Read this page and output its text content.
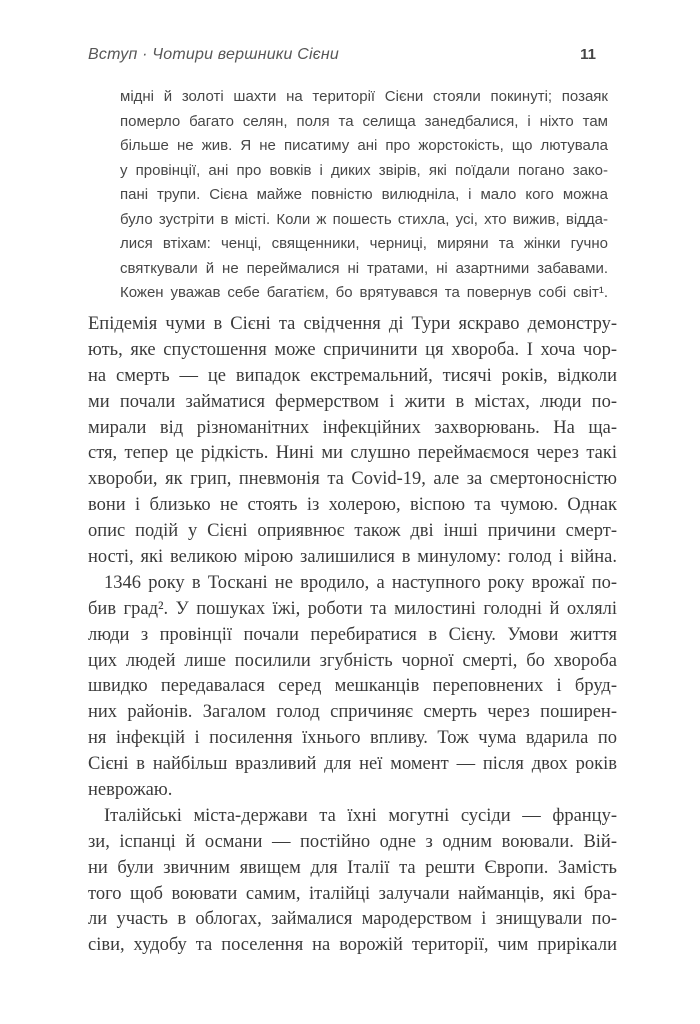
Вступ · Чотири вершники Сієни	11
мідні й золоті шахти на території Сієни стояли покинуті; позаяк
померло багато селян, поля та селища занедбалися, і ніхто там
більше не жив. Я не писатиму ані про жорстокість, що лютувала
у провінції, ані про вовків і диких звірів, які поїдали погано зако-
пані трупи. Сієна майже повністю вилюдніла, і мало кого можна
було зустріти в місті. Коли ж пошесть стихла, усі, хто вижив, відда-
лися втіхам: ченці, священники, черниці, миряни та жінки гучно
святкували й не переймалися ні тратами, ні азартними забавами.
Кожен уважав себе багатієм, бо врятувався та повернув собі світ¹.
Епідемія чуми в Сієні та свідчення ді Тури яскраво демонстру-
ють, яке спустошення може спричинити ця хвороба. І хоча чор-
на смерть — це випадок екстремальний, тисячі років, відколи
ми почали займатися фермерством і жити в містах, люди по-
мирали від різноманітних інфекційних захворювань. На ща-
стя, тепер це рідкість. Нині ми слушно переймаємося через такі
хвороби, як грип, пневмонія та Covid-19, але за смертоносністю
вони і близько не стоять із холерою, віспою та чумою. Однак
опис подій у Сієні оприявнює також дві інші причини смерт-
ності, які великою мірою залишилися в минулому: голод і війна.
1346 року в Тоскані не вродило, а наступного року врожаї по-
бив град². У пошуках їжі, роботи та милостині голодні й охлялі
люди з провінції почали перебиратися в Сієну. Умови життя
цих людей лише посилили згубність чорної смерті, бо хвороба
швидко передавалася серед мешканців переповнених і бруд-
них районів. Загалом голод спричиняє смерть через поширен-
ня інфекцій і посилення їхнього впливу. Тож чума вдарила по
Сієні в найбільш вразливий для неї момент — після двох років
неврожаю.
Італійські міста-держави та їхні могутні сусіди — францу-
зи, іспанці й османи — постійно одне з одним воювали. Вій-
ни були звичним явищем для Італії та решти Європи. Замість
того щоб воювати самим, італійці залучали найманців, які бра-
ли участь в облогах, займалися мародерством і знищували по-
сіви, худобу та поселення на ворожій території, чим прирікали
